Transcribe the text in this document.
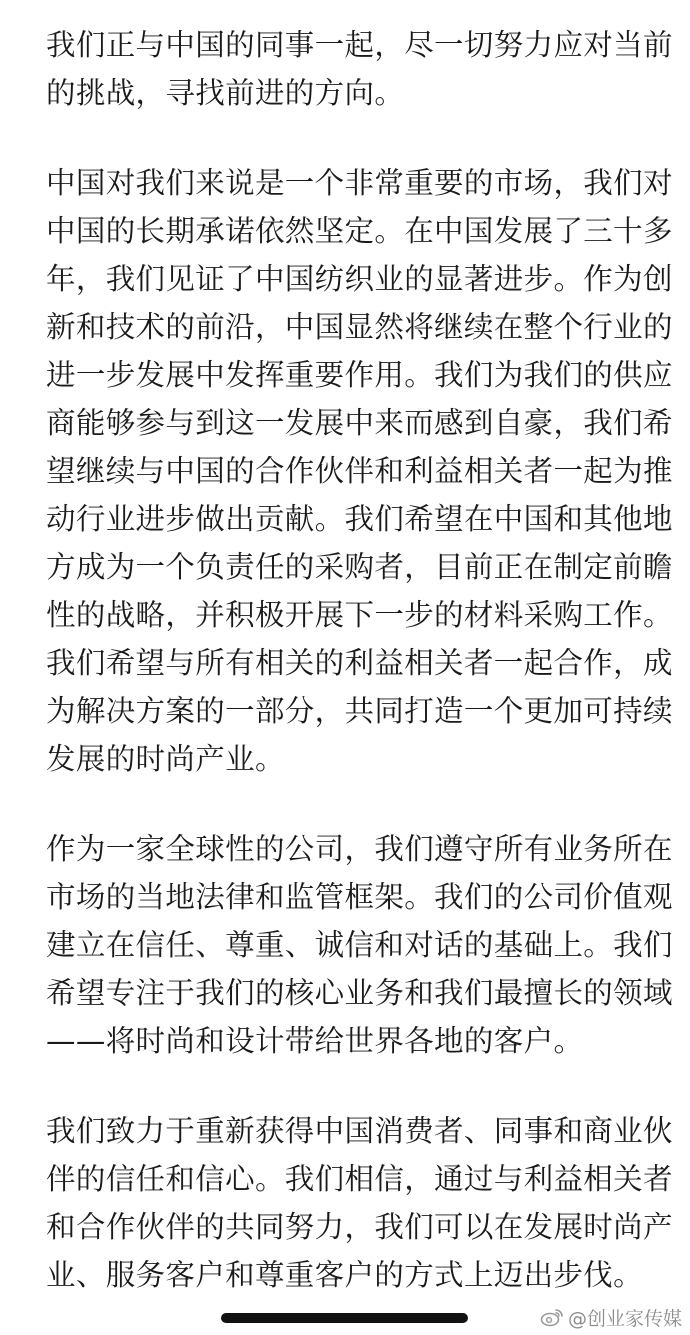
我们正与中国的同事一起，尽一切努力应对当前
的挑战，寻找前进的方向。
中国对我们来说是一个非常重要的市场，我们对
中国的长期承诺依然坚定。在中国发展了三十多
年，我们见证了中国纺织业的显著进步。作为创
新和技术的前沿，中国显然将继续在整个行业的
进一步发展中发挥重要作用。我们为我们的供应
商能够参与到这一发展中来而感到自豪，我们希
望继续与中国的合作伙伴和利益相关者一起为推
动行业进步做出贡献。我们希望在中国和其他地
方成为一个负责任的采购者，目前正在制定前瞻
性的战略，并积极开展下一步的材料采购工作。
我们希望与所有相关的利益相关者一起合作，成
为解决方案的一部分，共同打造一个更加可持续
发展的时尚产业。
作为一家全球性的公司，我们遵守所有业务所在
市场的当地法律和监管框架。我们的公司价值观
建立在信任、尊重、诚信和对话的基础上。我们
希望专注于我们的核心业务和我们最擅长的领域
——将时尚和设计带给世界各地的客户。
我们致力于重新获得中国消费者、同事和商业伙
伴的信任和信心。我们相信，通过与利益相关者
和合作伙伴的共同努力，我们可以在发展时尚产
业、服务客户和尊重客户的方式上迈出步伐。
@创业家传媒
